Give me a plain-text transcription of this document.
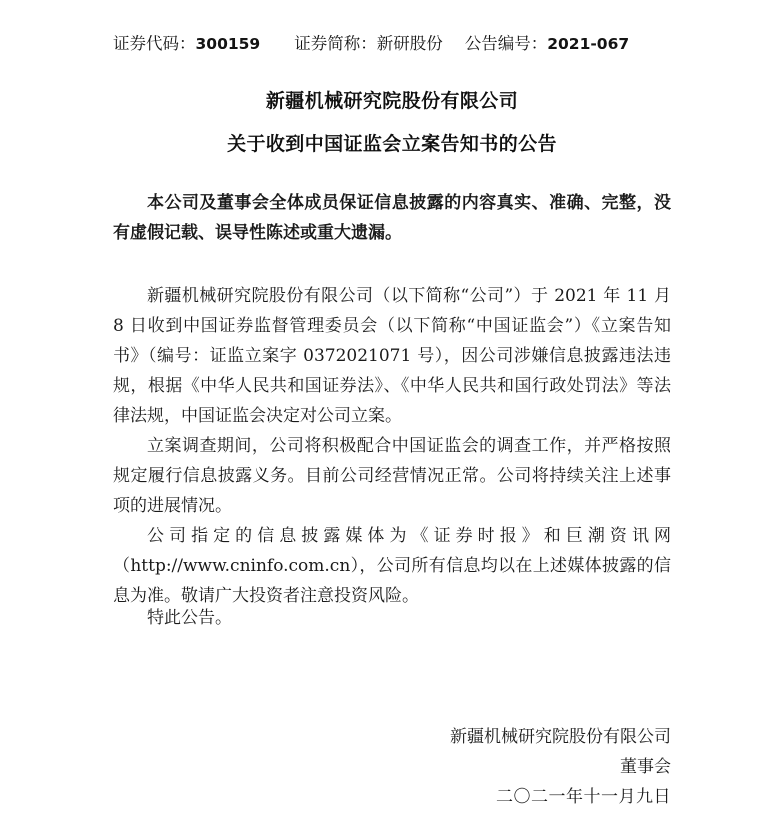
证券代码：300159 证券简称：新研股份 公告编号：2021-067
新疆机械研究院股份有限公司
关于收到中国证监会立案告知书的公告

本公司及董事会全体成员保证信息披露的内容真实、准确、完整，没有虚假记载、误导性陈述或重大遗漏。

新疆机械研究院股份有限公司（以下简称“公司”）于 2021 年 11 月 8 日收到中国证券监督管理委员会（以下简称“中国证监会”）《立案告知书》（编号：证监立案字 0372021071 号），因公司涉嫌信息披露违法违规，根据《中华人民共和国证券法》、《中华人民共和国行政处罚法》等法律法规，中国证监会决定对公司立案。

立案调查期间，公司将积极配合中国证监会的调查工作，并严格按照规定履行信息披露义务。目前公司经营情况正常。公司将持续关注上述事项的进展情况。
公司指定的信息披露媒体为《证券时报》和巨潮资讯网
（http://www.cninfo.com.cn），公司所有信息均以在上述媒体披露的信息为准。敬请广大投资者注意投资风险。

特此公告。
新疆机械研究院股份有限公司
董事会
二〇二一年十一月九日
